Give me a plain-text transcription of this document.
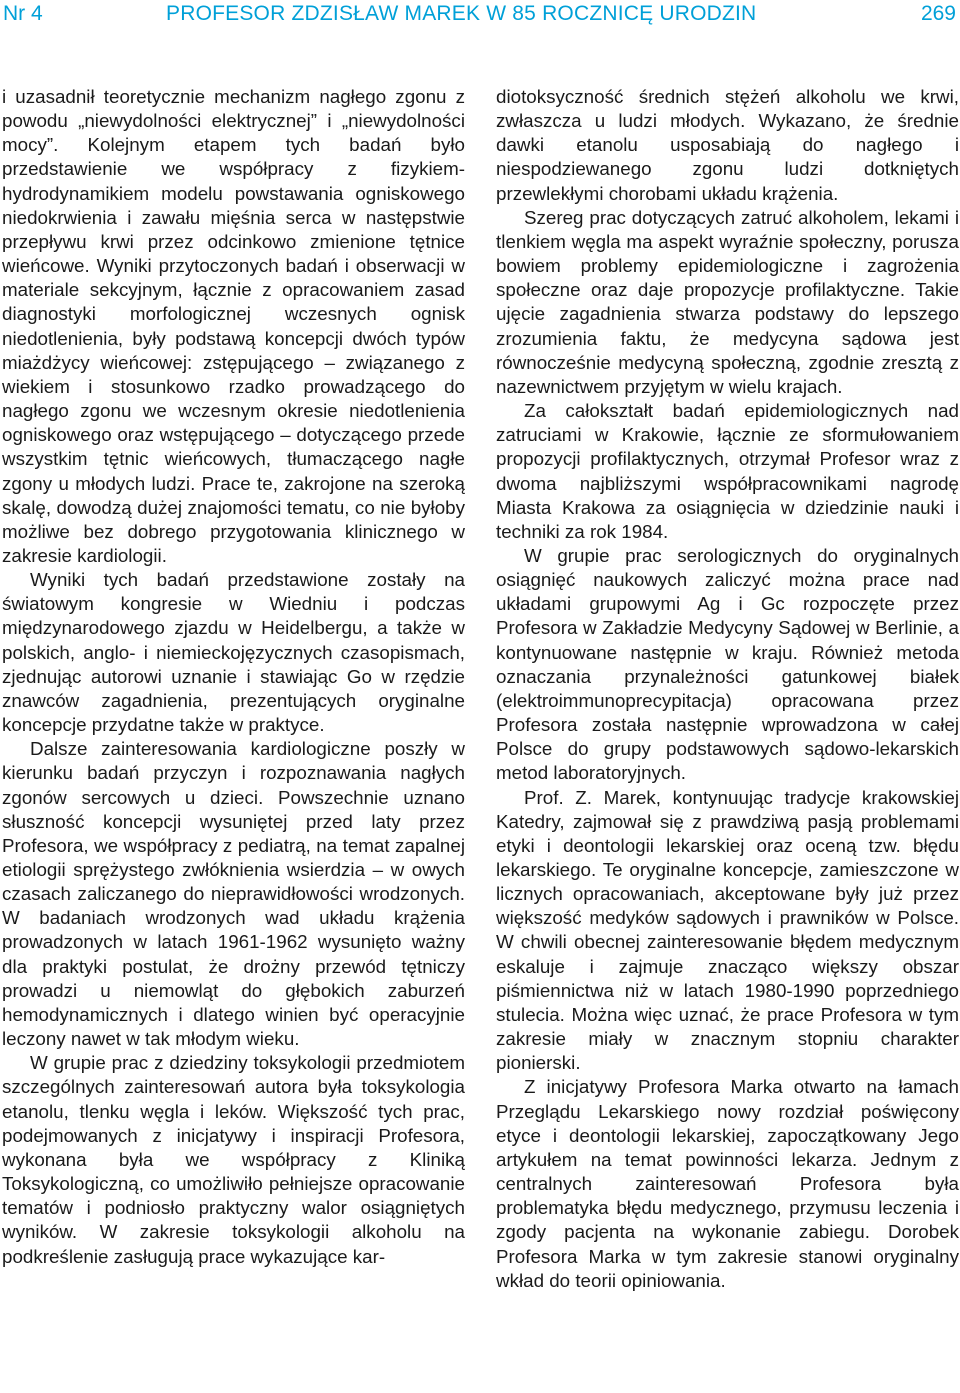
Nr 4	PROFESOR ZDZISŁAW MAREK W 85 ROCZNICĘ URODZIN	269

i uzasadnił teoretycznie mechanizm nagłego zgonu z powodu „niewydolności elektrycznej” i „niewydolności mocy”. Kolejnym etapem tych badań było przedstawienie we współpracy z fizykiem-hydrodynamikiem modelu powstawania ogniskowego niedokrwienia i zawału mięśnia serca w następstwie przepływu krwi przez odcinkowo zmienione tętnice wieńcowe. Wyniki przytoczonych badań i obserwacji w materiale sekcyjnym, łącznie z opracowaniem zasad diagnostyki morfologicznej wczesnych ognisk niedotlenienia, były podstawą koncepcji dwóch typów miażdżycy wieńcowej: zstępującego – związanego z wiekiem i stosunkowo rzadko prowadzącego do nagłego zgonu we wczesnym okresie niedotlenienia ogniskowego oraz wstępującego – dotyczącego przede wszystkim tętnic wieńcowych, tłumaczącego nagłe zgony u młodych ludzi. Prace te, zakrojone na szeroką skalę, dowodzą dużej znajomości tematu, co nie byłoby możliwe bez dobrego przygotowania klinicznego w zakresie kardiologii.

Wyniki tych badań przedstawione zostały na światowym kongresie w Wiedniu i podczas międzynarodowego zjazdu w Heidelbergu, a także w polskich, anglo- i niemieckojęzycznych czasopismach, zjednując autorowi uznanie i stawiając Go w rzędzie znawców zagadnienia, prezentujących oryginalne koncepcje przydatne także w praktyce.

Dalsze zainteresowania kardiologiczne poszły w kierunku badań przyczyn i rozpoznawania nagłych zgonów sercowych u dzieci. Powszechnie uznano słuszność koncepcji wysuniętej przed laty przez Profesora, we współpracy z pediatrą, na temat zapalnej etiologii sprężystego zwłóknienia wsierdzia – w owych czasach zaliczanego do nieprawidłowości wrodzonych. W badaniach wrodzonych wad układu krążenia prowadzonych w latach 1961-1962 wysunięto ważny dla praktyki postulat, że drożny przewód tętniczy prowadzi u niemowląt do głębokich zaburzeń hemodynamicznych i dlatego winien być operacyjnie leczony nawet w tak młodym wieku.

W grupie prac z dziedziny toksykologii przedmiotem szczególnych zainteresowań autora była toksykologia etanolu, tlenku węgla i leków. Większość tych prac, podejmowanych z inicjatywy i inspiracji Profesora, wykonana była we współpracy z Kliniką Toksykologiczną, co umożliwiło pełniejsze opracowanie tematów i podniosło praktyczny walor osiągniętych wyników. W zakresie toksykologii alkoholu na podkreślenie zasługują prace wykazujące kar-

diotoksyczność średnich stężeń alkoholu we krwi, zwłaszcza u ludzi młodych. Wykazano, że średnie dawki etanolu usposabiają do nagłego i niespodziewanego zgonu ludzi dotkniętych przewlekłymi chorobami układu krążenia.

Szereg prac dotyczących zatruć alkoholem, lekami i tlenkiem węgla ma aspekt wyraźnie społeczny, porusza bowiem problemy epidemiologiczne i zagrożenia społeczne oraz daje propozycje profilaktyczne. Takie ujęcie zagadnienia stwarza podstawy do lepszego zrozumienia faktu, że medycyna sądowa jest równocześnie medycyną społeczną, zgodnie zresztą z nazewnictwem przyjętym w wielu krajach.

Za całokształt badań epidemiologicznych nad zatruciami w Krakowie, łącznie ze sformułowaniem propozycji profilaktycznych, otrzymał Profesor wraz z dwoma najbliższymi współpracownikami nagrodę Miasta Krakowa za osiągnięcia w dziedzinie nauki i techniki za rok 1984.

W grupie prac serologicznych do oryginalnych osiągnięć naukowych zaliczyć można prace nad układami grupowymi Ag i Gc rozpoczęte przez Profesora w Zakładzie Medycyny Sądowej w Berlinie, a kontynuowane następnie w kraju. Również metoda oznaczania przynależności gatunkowej białek (elektroimmunoprecypitacja) opracowana przez Profesora została następnie wprowadzona w całej Polsce do grupy podstawowych sądowo-lekarskich metod laboratoryjnych.

Prof. Z. Marek, kontynuując tradycje krakowskiej Katedry, zajmował się z prawdziwą pasją problemami etyki i deontologii lekarskiej oraz oceną tzw. błędu lekarskiego. Te oryginalne koncepcje, zamieszczone w licznych opracowaniach, akceptowane były już przez większość medyków sądowych i prawników w Polsce. W chwili obecnej zainteresowanie błędem medycznym eskaluje i zajmuje znacząco większy obszar piśmiennictwa niż w latach 1980-1990 poprzedniego stulecia. Można więc uznać, że prace Profesora w tym zakresie miały w znacznym stopniu charakter pionierski.

Z inicjatywy Profesora Marka otwarto na łamach Przeglądu Lekarskiego nowy rozdział poświęcony etyce i deontologii lekarskiej, zapoczątkowany Jego artykułem na temat powinności lekarza. Jednym z centralnych zainteresowań Profesora była problematyka błędu medycznego, przymusu leczenia i zgody pacjenta na wykonanie zabiegu. Dorobek Profesora Marka w tym zakresie stanowi oryginalny wkład do teorii opiniowania.
